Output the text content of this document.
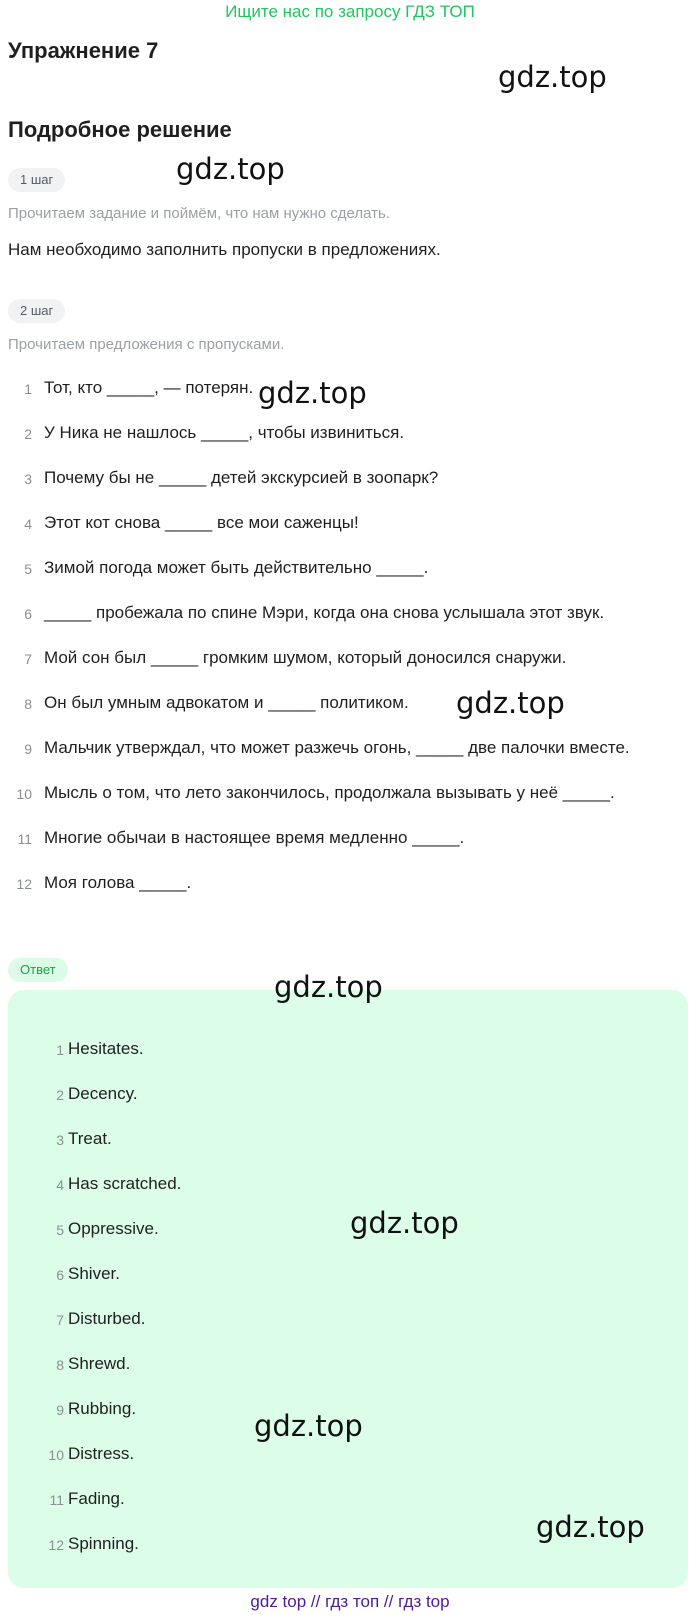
Ищите нас по запросу ГДЗ ТОП
Упражнение 7
gdz.top
Подробное решение
1 шаг	gdz.top
Прочитаем задание и поймём, что нам нужно сделать.
Нам необходимо заполнить пропуски в предложениях.
2 шаг
Прочитаем предложения с пропусками.
1 Тот, кто _____, — потерян.
2 У Ника не нашлось _____, чтобы извиниться.
3 Почему бы не _____ детей экскурсией в зоопарк?
4 Этот кот снова _____ все мои саженцы!
5 Зимой погода может быть действительно _____.
6 _____ пробежала по спине Мэри, когда она снова услышала этот звук.
7 Мой сон был _____ громким шумом, который доносился снаружи.
8 Он был умным адвокатом и _____ политиком.
9 Мальчик утверждал, что может разжечь огонь, _____ две палочки вместе.
10 Мысль о том, что лето закончилось, продолжала вызывать у неё _____.
11 Многие обычаи в настоящее время медленно _____.
12 Моя голова _____.
gdz.top
gdz.top
Ответ
1 Hesitates.
2 Decency.
3 Treat.
4 Has scratched.
5 Oppressive.
6 Shiver.
7 Disturbed.
8 Shrewd.
9 Rubbing.
10 Distress.
11 Fading.
12 Spinning.
gdz.top
gdz.top
gdz.top
gdz.top
gdz top // гдз топ // гдз top
